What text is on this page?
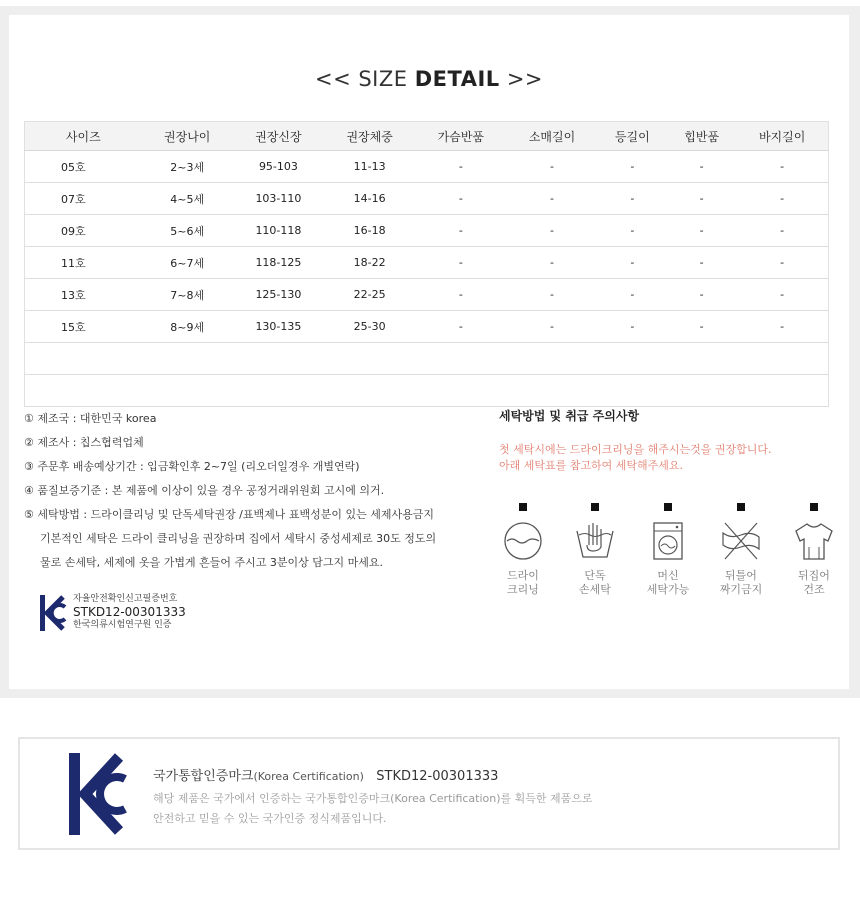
<< SIZE DETAIL >>
사이즈	권장나이	권장신장	권장체중	가슴반품	소매길이	등길이	힙반품	바지길이
05호	2~3세	95-103	11-13	-	-	-	-	-
07호	4~5세	103-110	14-16	-	-	-	-	-
09호	5~6세	110-118	16-18	-	-	-	-	-
11호	6~7세	118-125	18-22	-	-	-	-	-
13호	7~8세	125-130	22-25	-	-	-	-	-
15호	8~9세	130-135	25-30	-	-	-	-	-

① 제조국 : 대한민국 korea
② 제조사 : 칩스협력업체
③ 주문후 배송예상기간 : 입금확인후 2~7일 (리오더일경우 개별연락)
④ 품질보증기준 : 본 제품에 이상이 있을 경우 공정거래위원회 고시에 의거.
⑤ 세탁방법 : 드라이클리닝 및 단독세탁권장 /표백제나 표백성분이 있는 세제사용금지
기본적인 세탁은 드라이 클리닝을 권장하며 집에서 세탁시 중성세제로 30도 정도의
물로 손세탁, 세제에 옷을 가볍게 흔들어 주시고 3분이상 담그지 마세요.
자율안전확인신고필증번호
STKD12-00301333
한국의류시험연구원 인증
세탁방법 및 취급 주의사항
첫 세탁시에는 드라이크리닝을 해주시는것을 권장합니다.
아래 세탁표를 참고하여 세탁해주세요.
드라이
크리닝
단독
손세탁
머신
세탁가능
뒤틀어
짜기금지
뒤집어
건조
국가통합인증마크(Korea Certification) STKD12-00301333
해당 제품은 국가에서 인증하는 국가통합인증마크(Korea Certification)를 획득한 제품으로
안전하고 믿을 수 있는 국가인증 정식제품입니다.
